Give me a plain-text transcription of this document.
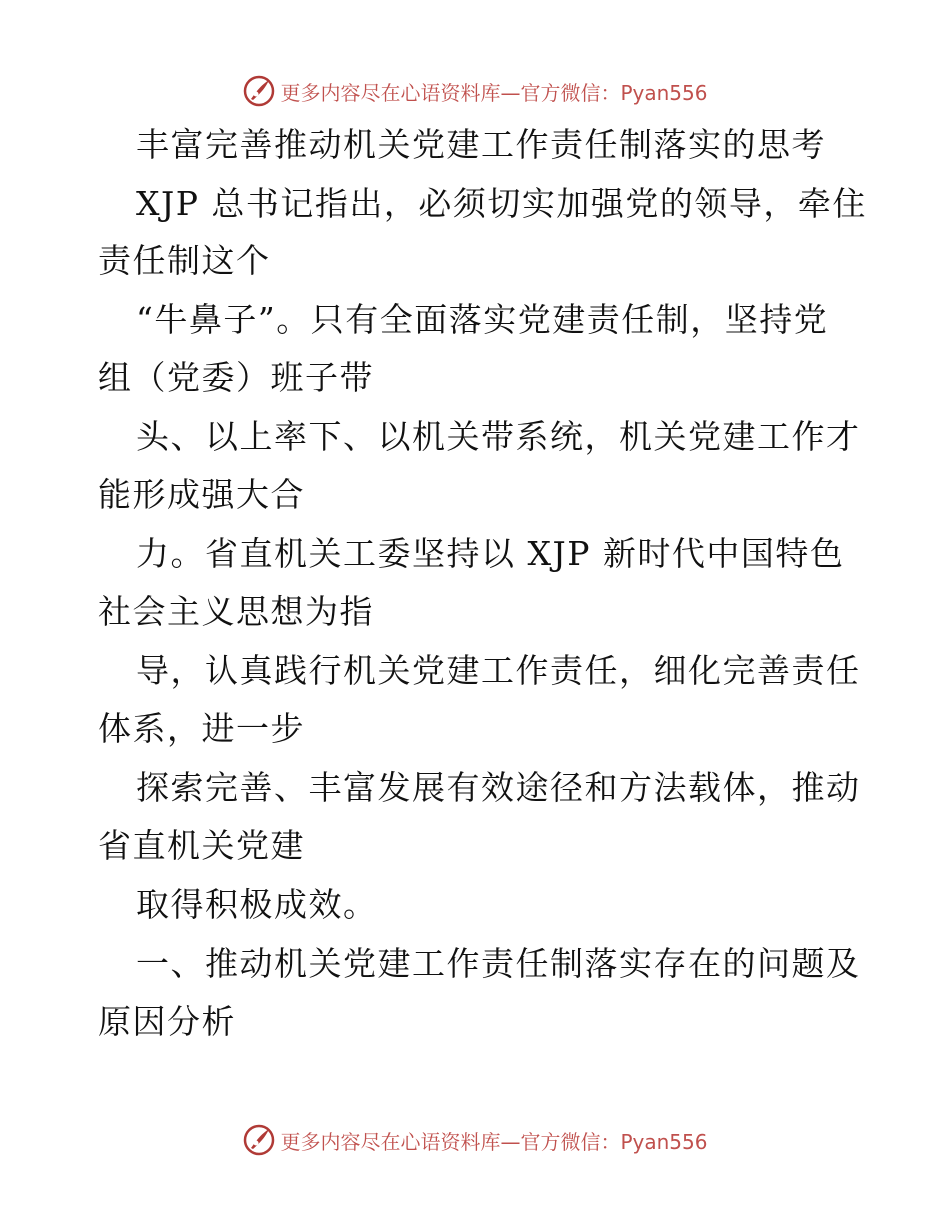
更多内容尽在心语资料库—官方微信：Pyan556
丰富完善推动机关党建工作责任制落实的思考
XJP 总书记指出，必须切实加强党的领导，牵住
责任制这个
“牛鼻子”。只有全面落实党建责任制，坚持党
组（党委）班子带
头、以上率下、以机关带系统，机关党建工作才
能形成强大合
力。省直机关工委坚持以 XJP 新时代中国特色
社会主义思想为指
导，认真践行机关党建工作责任，细化完善责任
体系，进一步
探索完善、丰富发展有效途径和方法载体，推动
省直机关党建
取得积极成效。
一、推动机关党建工作责任制落实存在的问题及
原因分析
更多内容尽在心语资料库—官方微信：Pyan556
